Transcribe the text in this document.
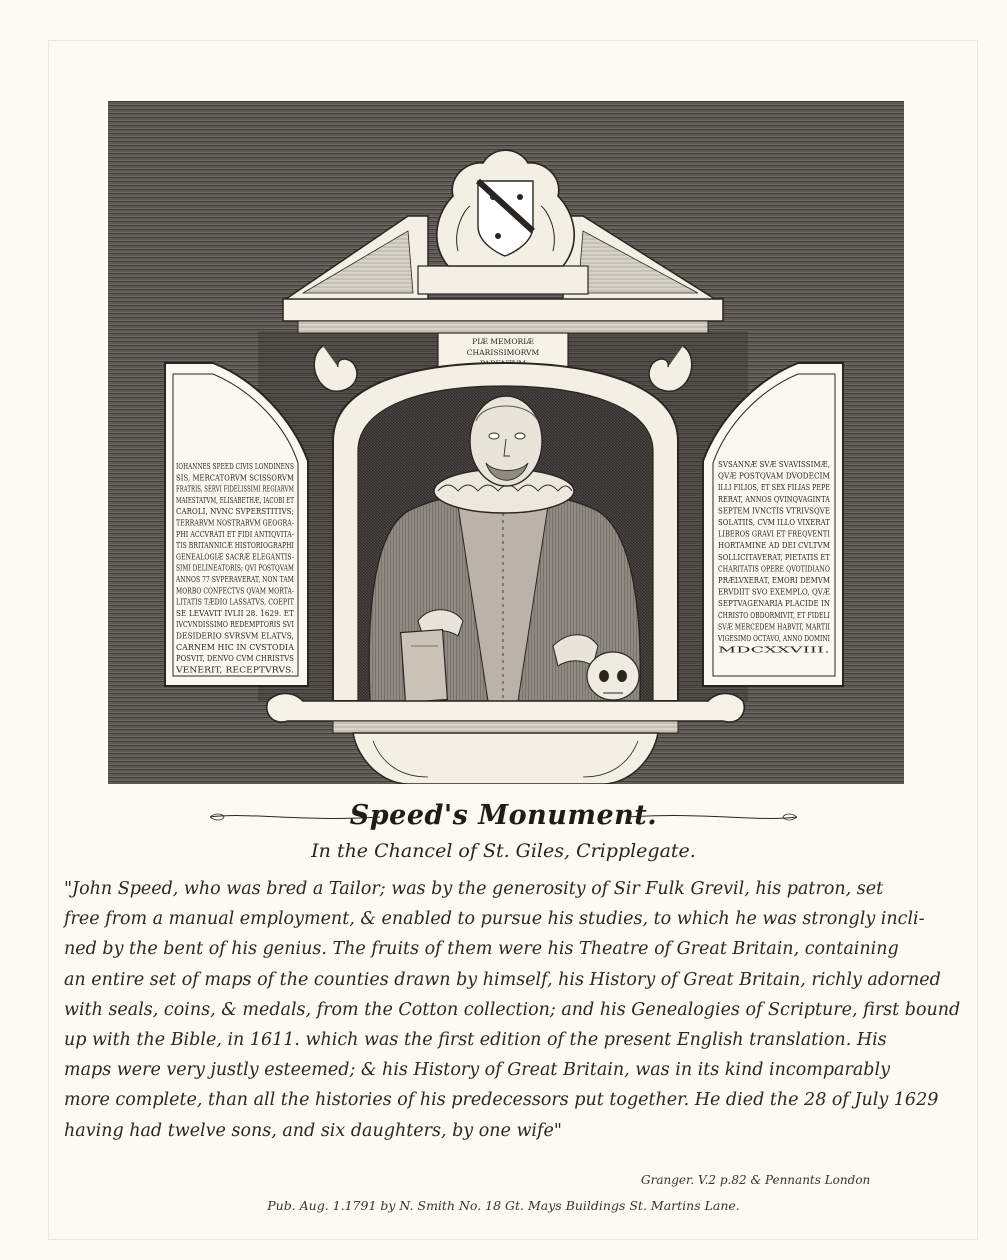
PIÆ MEMORIÆ
CHARISSIMORVM
IOHANNES SPEED CIVIS LONDINENS
SIS, MERCATORVM SCISSORVM
FRATRIS, SERVI FIDELISSIMI REGIARVM
MAIESTATVM, ELISABETHÆ, IACOBI ET
CAROLI, NVNC SVPERSTITIVS;
TERRARVM NOSTRARVM GEOGRA-
PHI ACCVRATI ET FIDI ANTIQVITA-
TIS BRITANNICÆ HISTORIOGRAPHI
GENEALOGIÆ SACRÆ ELEGANTIS-
SIMI DELINEATORIS; QVI POSTQVAM
ANNOS 77 SVPERAVERAT, NON TAM
MORBO CONFECTVS QVAM MORTA-
LITATIS TÆDIO LASSATVS, COEPIT
SE LEVAVIT IVLII 28. 1629. ET
IVCVNDISSIMO REDEMPTORIS SVI
DESIDERIO SVRSVM ELATVS,
CARNEM HIC IN CVSTODIA
POSVIT, DENVO CVM CHRISTVS
VENERIT, RECEPTVRVS.
SVSANNÆ SVÆ SVAVISSIMÆ,
QVÆ POSTQVAM DVODECIM
ILLI FILIOS, ET SEX FILIAS PEPE
RERAT, ANNOS QVINQVAGINTA
SEPTEM IVNCTIS VTRIVSQVE
SOLATIIS, CVM ILLO VIXERAT
LIBEROS GRAVI ET FREQVENTI
HORTAMINE AD DEI CVLTVM
SOLLICITAVERAT, PIETATIS ET
CHARITATIS OPERE QVOTIDIANO
PRÆLVXERAT, EMORI DEMVM
ERVDIIT SVO EXEMPLO, QVÆ
SEPTVAGENARIA PLACIDE IN
CHRISTO OBDORMIVIT, ET FIDELI
SVÆ MERCEDEM HABVIT, MARTII
VIGESIMO OCTAVO, ANNO DOMINI
MDCXXVIII.
Speed's Monument.
In the Chancel of St. Giles, Cripplegate.
"John Speed, who was bred a Tailor; was by the generosity of Sir Fulk Grevil, his patron, set
free from a manual employment, & enabled to pursue his studies, to which he was strongly incli-
ned by the bent of his genius. The fruits of them were his Theatre of Great Britain, containing
an entire set of maps of the counties drawn by himself, his History of Great Britain, richly adorned
with seals, coins, & medals, from the Cotton collection; and his Genealogies of Scripture, first bound
up with the Bible, in 1611. which was the first edition of the present English translation. His
maps were very justly esteemed; & his History of Great Britain, was in its kind incomparably
more complete, than all the histories of his predecessors put together. He died the 28 of July 1629
having had twelve sons, and six daughters, by one wife"
Granger. V.2 p.82 & Pennants London
Pub. Aug. 1.1791 by N. Smith No. 18 Gt. Mays Buildings St. Martins Lane.
